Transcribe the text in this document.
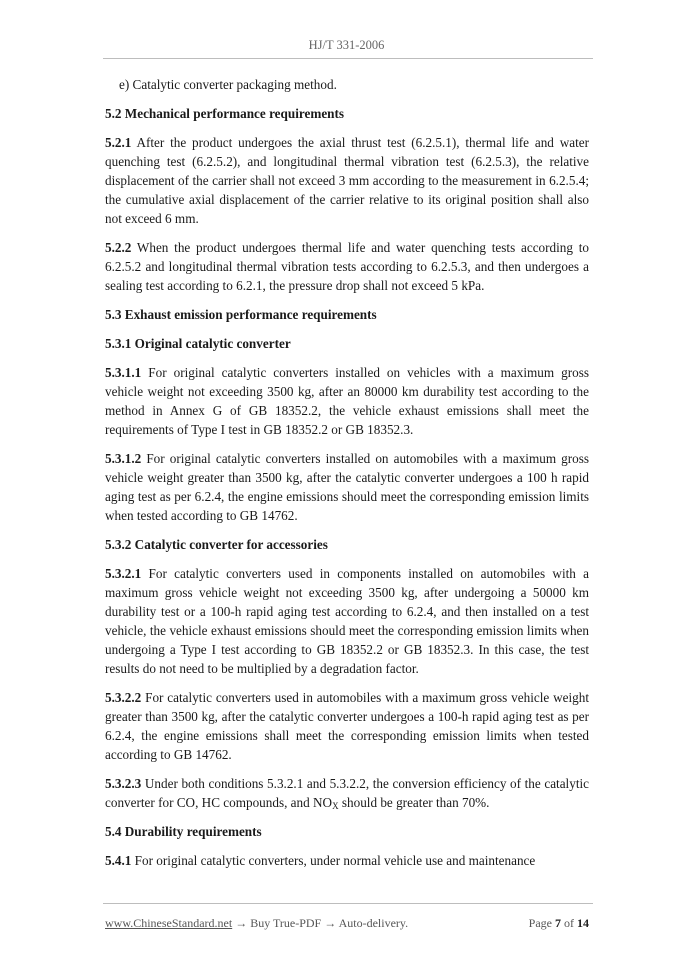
HJ/T 331-2006
e) Catalytic converter packaging method.
5.2 Mechanical performance requirements
5.2.1 After the product undergoes the axial thrust test (6.2.5.1), thermal life and water quenching test (6.2.5.2), and longitudinal thermal vibration test (6.2.5.3), the relative displacement of the carrier shall not exceed 3 mm according to the measurement in 6.2.5.4; the cumulative axial displacement of the carrier relative to its original position shall also not exceed 6 mm.
5.2.2 When the product undergoes thermal life and water quenching tests according to 6.2.5.2 and longitudinal thermal vibration tests according to 6.2.5.3, and then undergoes a sealing test according to 6.2.1, the pressure drop shall not exceed 5 kPa.
5.3 Exhaust emission performance requirements
5.3.1 Original catalytic converter
5.3.1.1 For original catalytic converters installed on vehicles with a maximum gross vehicle weight not exceeding 3500 kg, after an 80000 km durability test according to the method in Annex G of GB 18352.2, the vehicle exhaust emissions shall meet the requirements of Type I test in GB 18352.2 or GB 18352.3.
5.3.1.2 For original catalytic converters installed on automobiles with a maximum gross vehicle weight greater than 3500 kg, after the catalytic converter undergoes a 100 h rapid aging test as per 6.2.4, the engine emissions should meet the corresponding emission limits when tested according to GB 14762.
5.3.2 Catalytic converter for accessories
5.3.2.1 For catalytic converters used in components installed on automobiles with a maximum gross vehicle weight not exceeding 3500 kg, after undergoing a 50000 km durability test or a 100-h rapid aging test according to 6.2.4, and then installed on a test vehicle, the vehicle exhaust emissions should meet the corresponding emission limits when undergoing a Type I test according to GB 18352.2 or GB 18352.3. In this case, the test results do not need to be multiplied by a degradation factor.
5.3.2.2 For catalytic converters used in automobiles with a maximum gross vehicle weight greater than 3500 kg, after the catalytic converter undergoes a 100-h rapid aging test as per 6.2.4, the engine emissions shall meet the corresponding emission limits when tested according to GB 14762.
5.3.2.3 Under both conditions 5.3.2.1 and 5.3.2.2, the conversion efficiency of the catalytic converter for CO, HC compounds, and $NO_X$ should be greater than 70%.
5.4 Durability requirements
5.4.1 For original catalytic converters, under normal vehicle use and maintenance
www.ChineseStandard.net → Buy True-PDF → Auto-delivery.	Page 7 of 14
